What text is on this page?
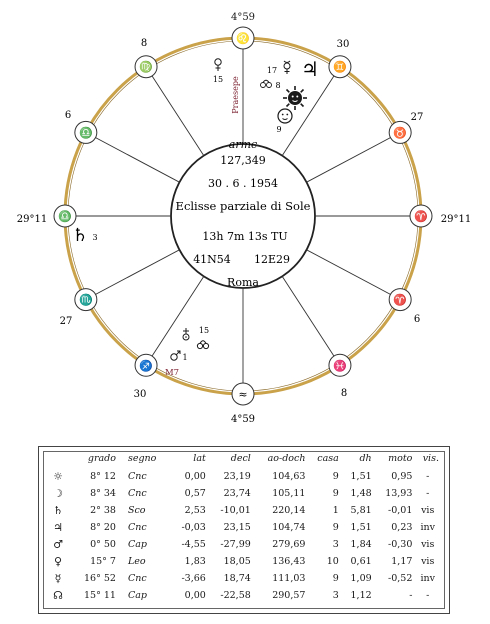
♌
♊
♉
♈
♈
♓
≈
♐
♏
♎
♎
♍
4°59
4°59
29°11	29°11
30
27
6
8
30
27
6
8
armc
127,349
30 . 6 . 1954
Eclisse parziale di Sole
13h 7m 13s TU
41N54 12E29
Roma
Praesepe
15
17 ♃
8
9
♄ 3
15
1
M7
	grado	segno	lat	decl	ao-doch	casa	dh	moto	vis.
☼	8° 12	Cnc	0,00	23,19	104,63	9	1,51	0,95	-
☽	8° 34	Cnc	0,57	23,74	105,11	9	1,48	13,93	-
♄	2° 38	Sco	2,53	-10,01	220,14	1	5,81	-0,01	vis
♃	8° 20	Cnc	-0,03	23,15	104,74	9	1,51	0,23	inv
♂	0° 50	Cap	-4,55	-27,99	279,69	3	1,84	-0,30	vis
♀	15° 7	Leo	1,83	18,05	136,43	10	0,61	1,17	vis
☿	16° 52	Cnc	-3,66	18,74	111,03	9	1,09	-0,52	inv
☊	15° 11	Cap	0,00	-22,58	290,57	3	1,12	-	-
